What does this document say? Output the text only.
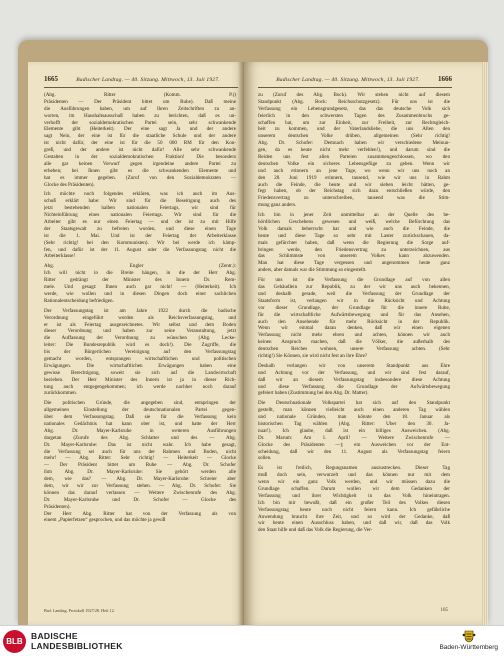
1665	Badischer Landtag. — 40. Sitzung. Mittwoch, 13. Juli 1927.
(Abg. Ritter (Komm. P.))
Präsidenten — Der Präsident bittet um Ruhe). Daß meine
die Ausführungen haben, um auf Ihren Zeitschriften zu an-
worten, im Haushaltsausschuß haben zu berichten, daß es un-
verhofft der sozialdemokratischen Partei sein, sehr schwankende
Elemente gibt (Heiterkeit). Der eine sagt Ja und der andere
sagt Nein, der eine ist für die staatliche Schule und der andere
ist nicht dafür, der eine ist für die 50 000 RM für den Kon-
greß, und der andere ist nicht dafür! Alle sehr schwankende
Gestalten in der sozialdemokratischen Fraktion! Die besonders
alle gar keinen Vorwurf gegen irgendeine andere Partei zu
erheben; bei Ihnen gibt es die schwankenden Elemente und
hat es immer gegeben. (Zuruf von den Sozialdemokraten —
Glocke des Präsidenten).
Ich möchte noch folgendes erklären, was ich auch im Aus-
schuß erklärt habe: Wir sind für die Beseitigung auch des
jetzt bestehenden halben nationalen Feiertags, wir sind für
Nichteinführung eines nationalen Feiertags. Wir sind für die
Arbeiter gibt es nur einen Feiertag — und der ist zu mit Hilfe
der Staatsgewalt zu befreien wurden, und diese einen Tage
ist die 1. Mai. Und ist der Feiertag der Arbeiterklasse
(Sehr richtig! bei den Kommunisten). Wir bei werde ich kämp-
fen, und dafür ist der 11. August oder die Verfassungstag nicht die
Arbeiterklasse!
Abg. Engler (Zentr.):
Ich will nicht in die Breite hängen, in die der Herr Abg.
Ritter gedrängt der Minister des Innern Dr. Rem-
mele. Und gesagt: Ihnen auch gar nicht! — (Heiterkeit). Ich
werde, wie wollen und in diesen Dingen doch einer sachlichen
Rationalentscheidung befriedigen.
Der Verfassungstag ist am Jahre 1922 durch die badische
Verordnung eingeführt worden als Reichsverfassungstag, und
er ist als Feiertag ausgezeichnetes. Wir selbst und dem Boden
dieser Verordnung und haben zur seine Veranstaltung, jetzt
die Auffassung der Verordnung zu wünschen (Abg. Lecke-
leiter: Die Bundesrepublik wird es doch!). Die Zugriffe, die
bis der Bürgerlichen Vereinigung auf den Verfassungstag
gemacht worden, entsprangen wirtschaftlichen und politischen
Erwägungen. Die wirtschaftlichen Erwägungen haben eine
gewisse Berechtigung, soweit sie sich auf die Landwirtschaft
beziehen. Der Herr Minister des Innern ist ja in dieser Rich-
tung auch entgegengekommen; ich werde nachher noch darauf
zurückkommen.
Die politischen Gründe, die angegeben sind, entspringen der
allgemeinen Einstellung der deutschnationalen Partei gegen-
über dem Verfassungstag. Daß sie für die Verfassung kein
nationales Gedächtnis hat kann ober ist, und hatte der Herr
Abg. Dr. Mayer-Karlsruhe in weiteren Ausführungen
dargetan (Zurufe des Abg. Schlatter und des — Abg.
Dr. Mayer-Karlsruhe: Das ist nicht wahr. Ich habe gesagt,
die Verfassung sei auch für uns der Rahmen und Boden, nicht
mehr! — Abg. Ritter: Sehr richtig! — Heiterkeit — Glocke
— Der Präsident bittet um Ruhe — Abg. Dr. Schofer
ihm Abg. Dr. Mayer-Karlsruhe: Sie gehört werden alle
dem, wie das? — Abg. Dr. Mayer-Karlsruhe: Schreier aber
dem, wir wir zur Verfassung stehen. — Abg. Dr. Schofer: Sie
können das darauf verlassen — Weitere Zwischenrufe des Abg.
Dr. Mayer-Karlsruhe und Dr. Schofer — Glocke des
Präsidenten).
Der Herr Abg. Ritter hat von der Verfassung als von
einem „Papierfetzen“ gesprochen, und das möchte ja gewiß
Bad. Landtag. Protokoll 1927/28. Heft 12.
Badischer Landtag. — 40. Sitzung. Mittwoch, 13. Juli 1927.	1666
zu (Zuruf des Abg. Bock). Wir stehen nicht auf diesem
Standpunkt (Abg. Bock: Reichsschutzgesetz). Für uns ist die
Verfassung ein Lebensgrundgesetz, das das deutsche Volk sich
feierlich in den schwersten Tagen des Zusammenbruchs ge-
schaffen hat, um zur Einheit, zur Freiheit, zur Rechtsgleich-
heit zu kommen, und der Vaterlandsliebe, die uns Allen den
unserem deutschen Volke drüben, allgemeinen (Sehr richtig!
Abg. Dr. Schofer: Demnach haben wir verschiedene Meinun-
gen, da es heute nicht mehr verfehlen!), und darum sind die
Beiden uns fest allen Parteien zusammengeschlossen, wo den
deutschen Volke ein sicheres Lebensgefüge zu geben. Wenn wir
und auch erinnern an jene Tage, wo wenn wir uns noch an
den 28. Juni 1919 erinnern, tausend, wie wir uns in Rahm
auch die Feinde, die heute und wir sieben leicht hätten, ge-
fegt haben, ob der Reichstag sich dazu entschließen würde, den
Friedensvertrag zu unterschreiben, tausend was die Stim-
mung ganz anders.
Ich bin in jener Zeit unmittelbar an der Quelle des be-
hördlichen Geschehens gewesen und weiß, welche Befürchtung das
Volk damals beherrscht hat und wie auch die Feinde, die
heute und diese Tage so sehr mit Laster zurückschauen, da-
mals gefürchtet haben, daß wenn die Regierung die Sorge auf-
bringen werde, den Friedensvertrag zu unterzeichnen, aus
das Schlimmste von unserem Volkes kann abzuwenden.
Man hat diese Tage vergessen und angenommen heute ganz
anders, aber damals war die Stimmung so eingestellt.
Für uns ist die Verfassung die Grundlage auf von allen
das Gebäudlein zur Republik, zu der wir uns auch bekennen,
und deshalb gerade, weil die Verfassung der Grundlage der
Staatsform ist, verlangen wir in die Rücksicht und Achtung
vor dieser Grundlage, der Grundlage für die innere Ruhe,
für die wirtschaftliche Aufwärtsbewegung und für das Ansehen,
auch den Ansehende für mehr Rücksicht in der Republik.
Wenn wir einmal daran denken, daß wir einen eigenen
Verfassung nicht mehr ehren und achten, können wir auch
keinen Anspruch machen, daß die Völker, die außerhalb des
deutschen Reiches wohnen, unsere Verfassung achten. (Sehr
richtig!) Sie Können, sie wird nicht fest an ihre Ehre?
Deshalb verlangen wir von unserem Standpunkt aus Ehre
und Achtung vor der Verfassung, und wir sind fest darauf,
daß wir an diesem Verfassungstag insbesondere diese Achtung
und diese Verfassung die Grundlage der Aufwärtsbewegung
gefeiert haben (Zustimmung bei den Abg. Dr. Matter).
Die Deutschnationale Volkspartei hat sich auf den Standpunkt
gestellt, man können vielleicht auch einen anderen Tag wählen
und nationale Gründen, man könnte den 18. Januar als
historischen Tag wählen (Abg. Ritter: Über den 30. Ja-
nuar!). Ich glaube, daß ist ein billiges Ausweichen. (Abg.
Dr. Marum: Am 1. April! — Weitere Zwischenrufe —
Glocke des Präsidenten —); ein Ausweichen vor der Ent-
scheidung, daß wir den 11. August als Verfassungstag feiern
sollen.
Es ist freilich, Regungsnamen auszustrecken. Dieser Tag
muß doch sein, verwurzelt und das können nur mit dem
wenn wir ein ganz Volk werden, und wir müssen dazu die
Grundlage schaffen. Darum wollen wir dem Gedanken der
Verfassung und ihrer Wichtigkeit in das Volk hineintragen.
Ich bin mir bewußt, daß ein großer Teil des Volkes diesen
Verfassungstag heute noch nicht feiern kann. Ich gefährliche
Anwendung braucht ihre Zeit, und so wird der Gedanke, daß
wir heute einen Ausschluss haben, und daß wir, daß das Volk
den Staat hilfe und daß das Volk die Regierung, die Ver-
105
BLB BADISCHE
LANDESBIBLIOTHEK	Baden-Württemberg
